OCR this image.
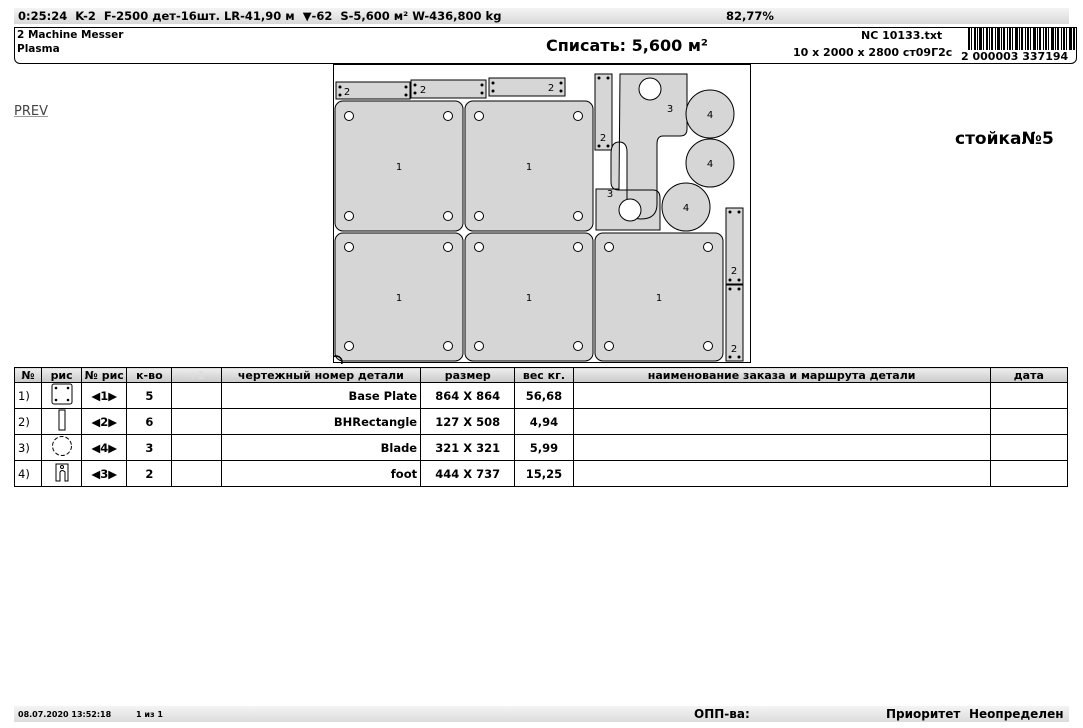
0:25:24  K-2  F-2500 дет-16шт. LR-41,90 м  ▼-62  S-5,600 м² W-436,800 kg	82,77%
2 Machine Messer
Plasma	Списать: 5,600 м²
NC 10133.txt
10 x 2000 x 2800 ст09Г2с 2 000003 337194
PREV
стойка№5
1	1
1	1	1
2	2	2
2
2
2
3
3
4
4
4
№	рис	№ рис	к-во	+1	чертежный номер детали	размер	вес кг.	наименование заказа и маршрута детали	дата
1)		◀1▶	5		Base Plate	864 X 864	56,68		
2)		◀2▶	6		BHRectangle	127 X 508	4,94		
3)		◀4▶	3		Blade	321 X 321	5,99		
4)		◀3▶	2		foot	444 X 737	15,25		
08.07.2020 13:52:18	1 из 1	ОПП-ва:	Приоритет Неопределен
